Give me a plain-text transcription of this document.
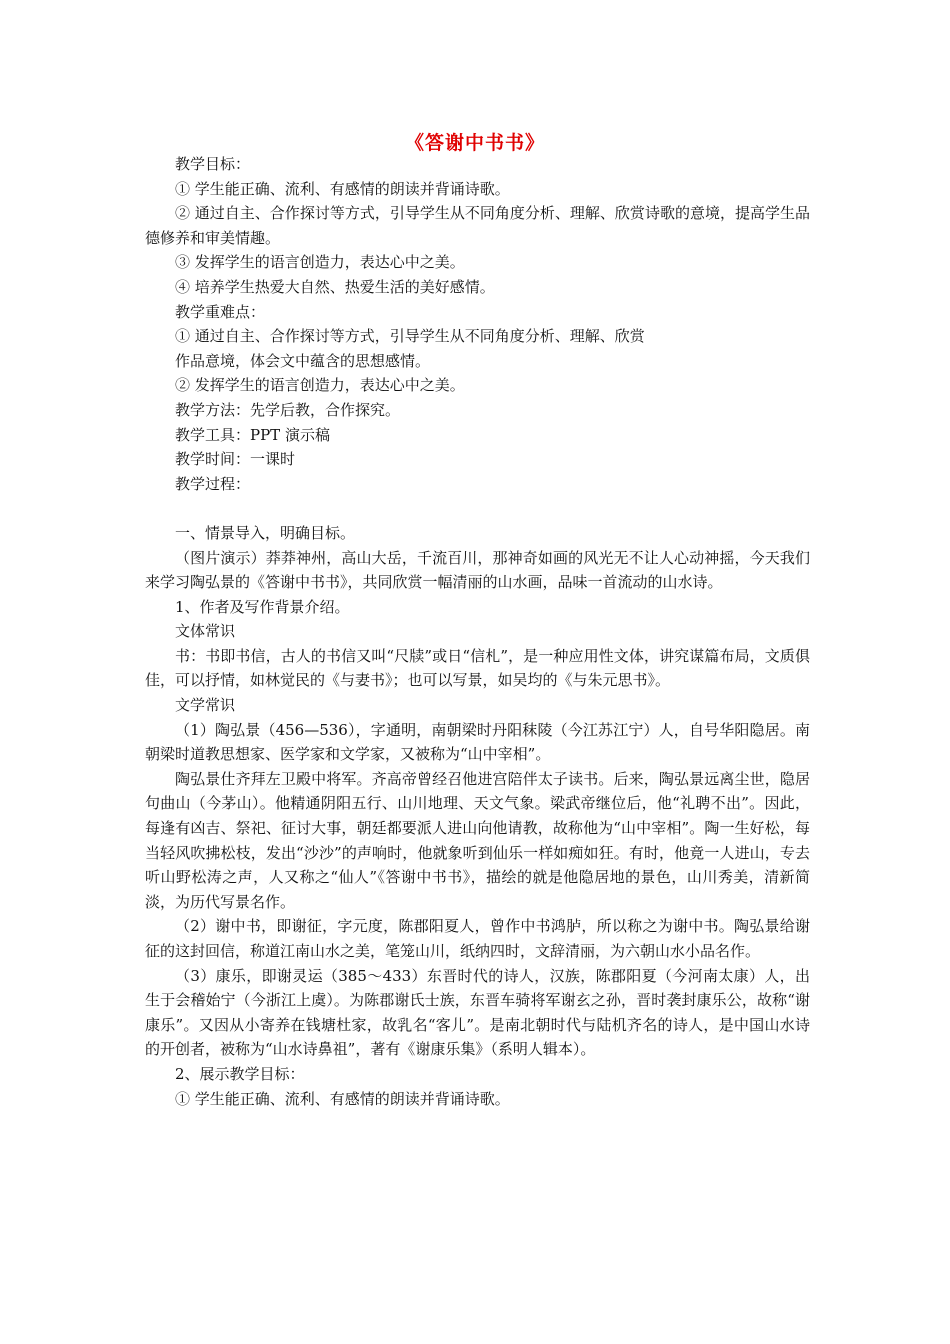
《答谢中书书》

教学目标：

① 学生能正确、流利、有感情的朗读并背诵诗歌。

② 通过自主、合作探讨等方式，引导学生从不同角度分析、理解、欣赏诗歌的意境，提高学生品德修养和审美情趣。

③ 发挥学生的语言创造力，表达心中之美。

④ 培养学生热爱大自然、热爱生活的美好感情。

教学重难点：

① 通过自主、合作探讨等方式，引导学生从不同角度分析、理解、欣赏

作品意境，体会文中蕴含的思想感情。

② 发挥学生的语言创造力，表达心中之美。

教学方法：先学后教，合作探究。

教学工具：PPT 演示稿

教学时间：一课时

教学过程：

一、情景导入，明确目标。

（图片演示）莽莽神州，高山大岳，千流百川，那神奇如画的风光无不让人心动神摇，今天我们来学习陶弘景的《答谢中书书》，共同欣赏一幅清丽的山水画，品味一首流动的山水诗。

1、作者及写作背景介绍。

文体常识

书：书即书信，古人的书信又叫“尺牍”或日“信札”，是一种应用性文体，讲究谋篇布局，文质俱佳，可以抒情，如林觉民的《与妻书》；也可以写景，如吴均的《与朱元思书》。

文学常识

（1）陶弘景（456—536），字通明，南朝梁时丹阳秣陵（今江苏江宁）人，自号华阳隐居。南朝梁时道教思想家、医学家和文学家，又被称为“山中宰相”。

陶弘景仕齐拜左卫殿中将军。齐高帝曾经召他进宫陪伴太子读书。后来，陶弘景远离尘世，隐居句曲山（今茅山）。他精通阴阳五行、山川地理、天文气象。梁武帝继位后，他“礼聘不出”。因此，每逢有凶吉、祭祀、征讨大事，朝廷都要派人进山向他请教，故称他为“山中宰相”。陶一生好松，每当轻风吹拂松枝，发出“沙沙”的声响时，他就象听到仙乐一样如痴如狂。有时，他竟一人进山，专去听山野松涛之声，人又称之“仙人”《答谢中书书》，描绘的就是他隐居地的景色，山川秀美，清新简淡，为历代写景名作。

（2）谢中书，即谢征，字元度，陈郡阳夏人，曾作中书鸿胪，所以称之为谢中书。陶弘景给谢征的这封回信，称道江南山水之美，笔笼山川，纸纳四时，文辞清丽，为六朝山水小品名作。

（3）康乐，即谢灵运（385～433）东晋时代的诗人，汉族，陈郡阳夏（今河南太康）人，出生于会稽始宁（今浙江上虞）。为陈郡谢氏士族，东晋车骑将军谢玄之孙，晋时袭封康乐公，故称“谢康乐”。又因从小寄养在钱塘杜家，故乳名“客儿”。是南北朝时代与陆机齐名的诗人，是中国山水诗的开创者，被称为“山水诗鼻祖”，著有《谢康乐集》（系明人辑本）。

2、展示教学目标：

① 学生能正确、流利、有感情的朗读并背诵诗歌。
